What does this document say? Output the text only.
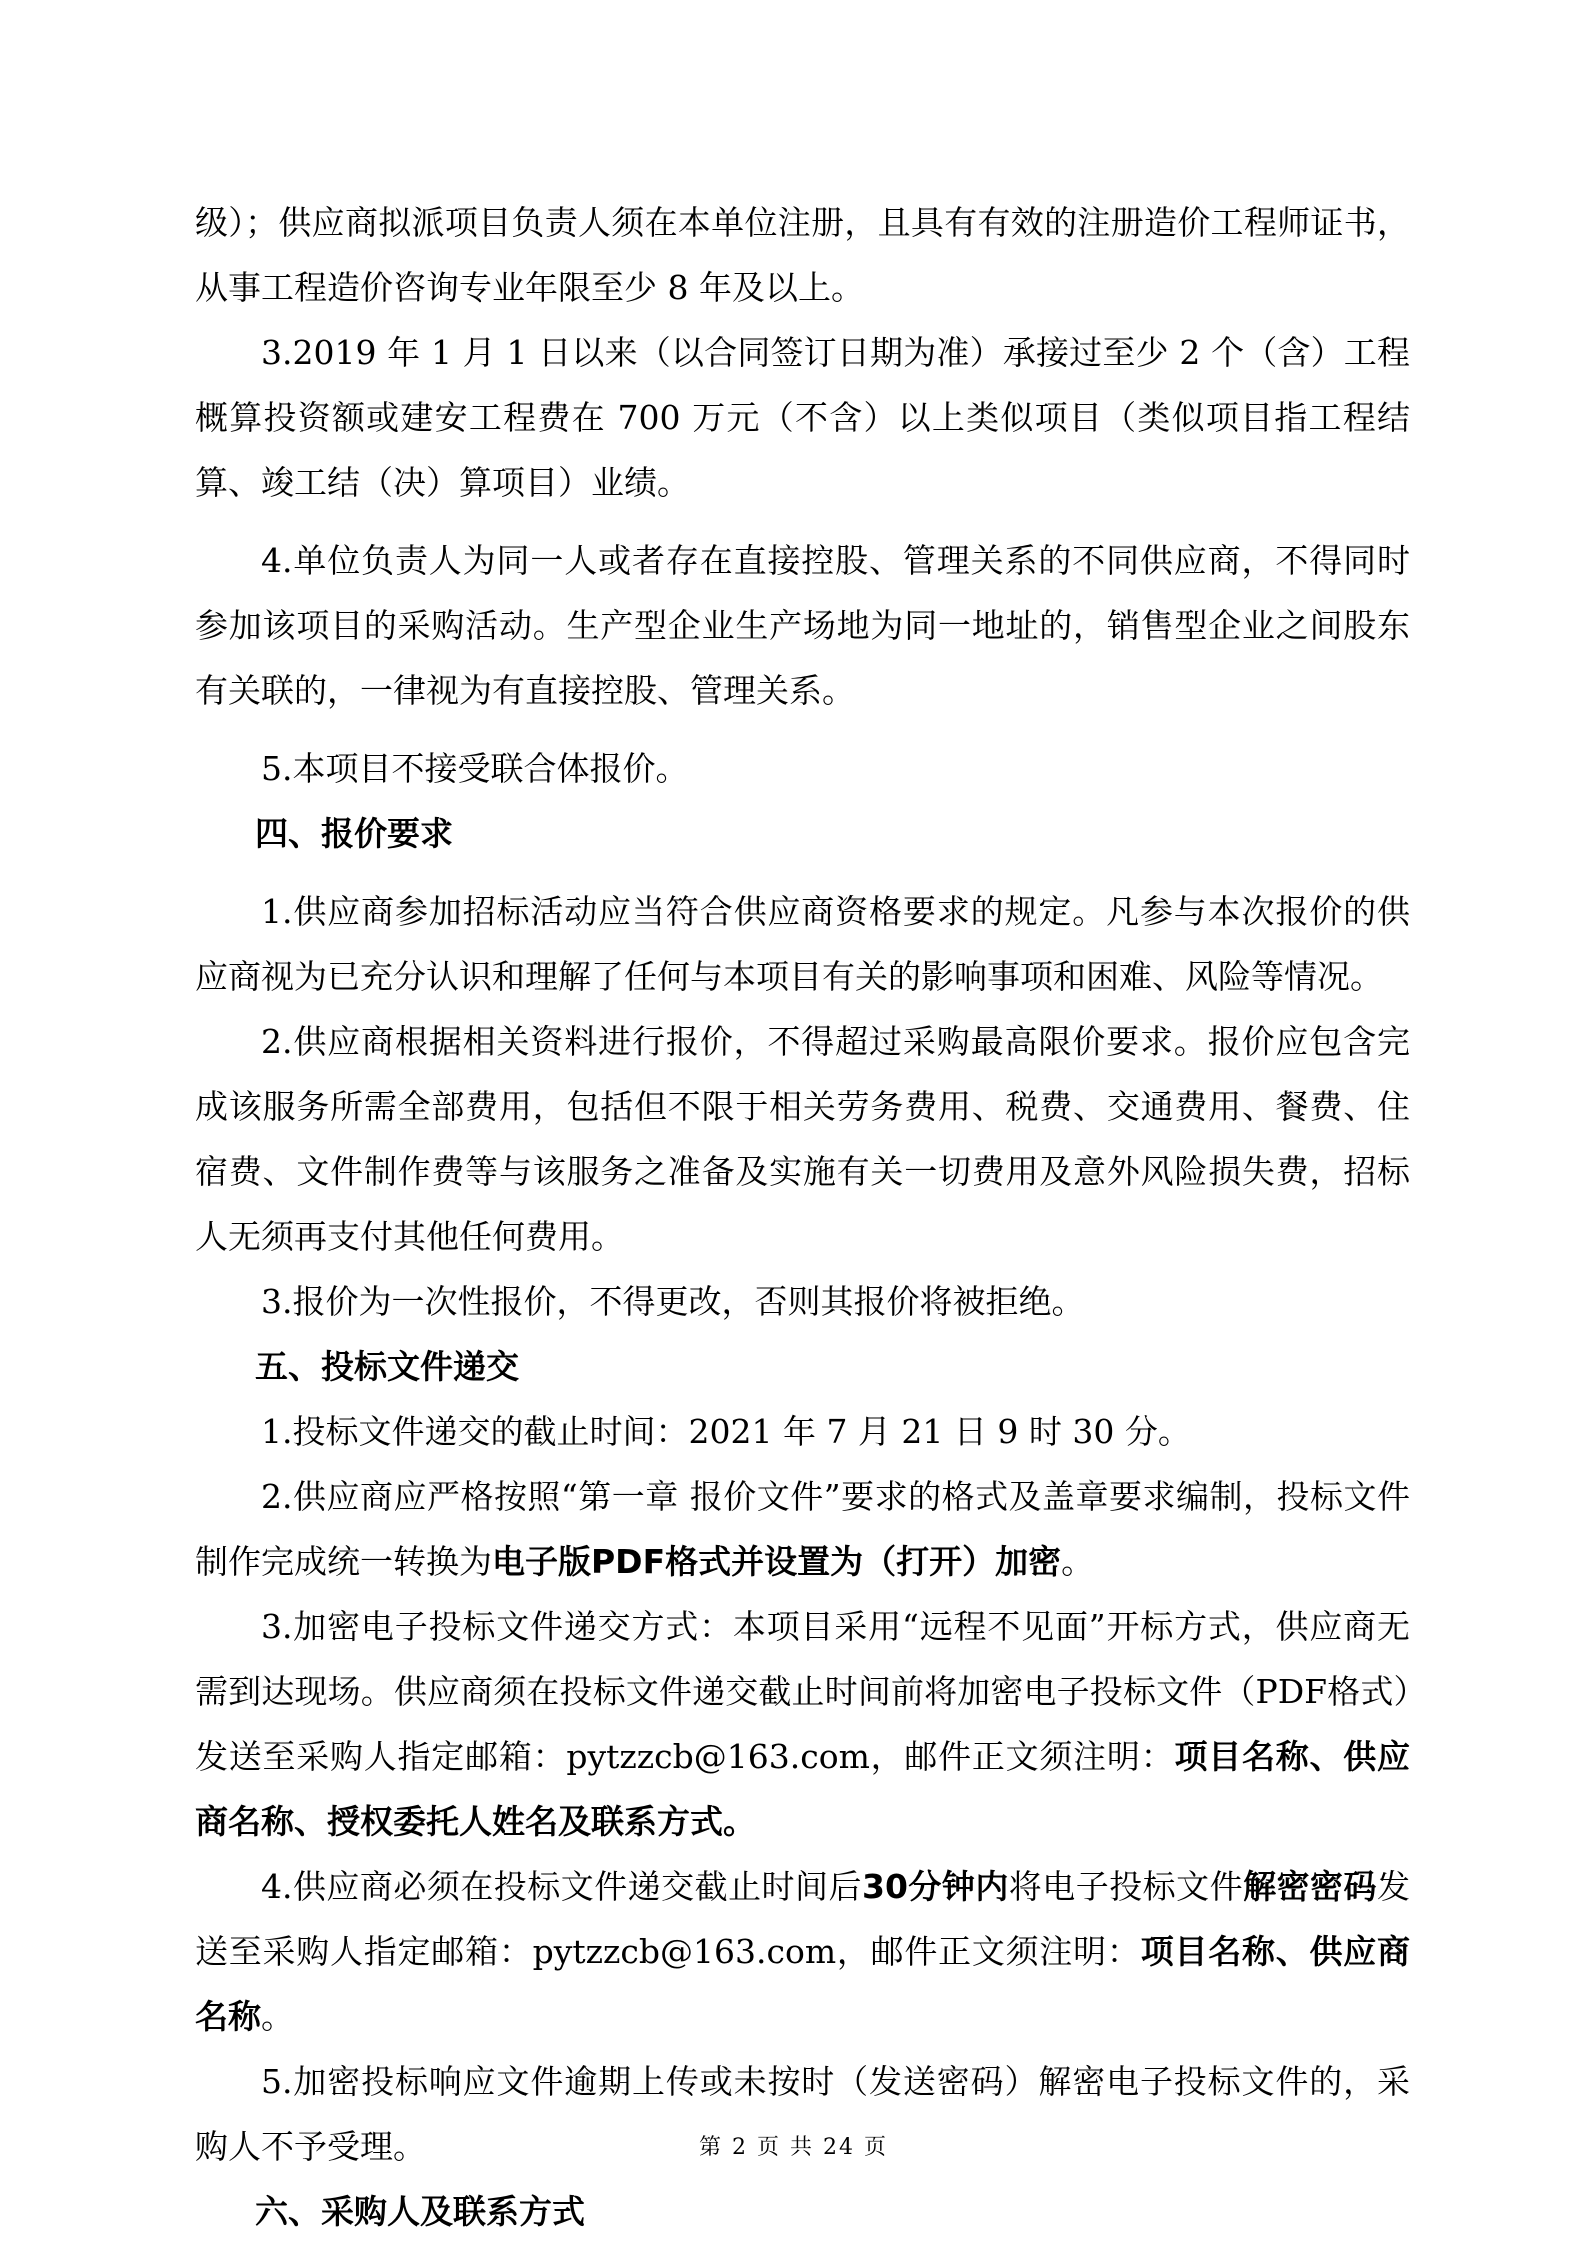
级）；供应商拟派项目负责人须在本单位注册，且具有有效的注册造价工程师证书，从事工程造价咨询专业年限至少 8 年及以上。

3.2019 年 1 月 1 日以来（以合同签订日期为准）承接过至少 2 个（含）工程概算投资额或建安工程费在 700 万元（不含）以上类似项目（类似项目指工程结算、竣工结（决）算项目）业绩。

4.单位负责人为同一人或者存在直接控股、管理关系的不同供应商，不得同时参加该项目的采购活动。生产型企业生产场地为同一地址的，销售型企业之间股东有关联的，一律视为有直接控股、管理关系。

5.本项目不接受联合体报价。

四、报价要求

1.供应商参加招标活动应当符合供应商资格要求的规定。凡参与本次报价的供应商视为已充分认识和理解了任何与本项目有关的影响事项和困难、风险等情况。

2.供应商根据相关资料进行报价，不得超过采购最高限价要求。报价应包含完成该服务所需全部费用，包括但不限于相关劳务费用、税费、交通费用、餐费、住宿费、文件制作费等与该服务之准备及实施有关一切费用及意外风险损失费，招标人无须再支付其他任何费用。

3.报价为一次性报价，不得更改，否则其报价将被拒绝。

五、投标文件递交

1.投标文件递交的截止时间：2021 年 7 月 21 日 9 时 30 分。

2.供应商应严格按照“第一章 报价文件”要求的格式及盖章要求编制，投标文件制作完成统一转换为电子版PDF格式并设置为（打开）加密。

3.加密电子投标文件递交方式：本项目采用“远程不见面”开标方式，供应商无需到达现场。供应商须在投标文件递交截止时间前将加密电子投标文件（PDF格式）发送至采购人指定邮箱：pytzzcb@163.com，邮件正文须注明：项目名称、供应商名称、授权委托人姓名及联系方式。

4.供应商必须在投标文件递交截止时间后30分钟内将电子投标文件解密密码发送至采购人指定邮箱：pytzzcb@163.com，邮件正文须注明：项目名称、供应商名称。

5.加密投标响应文件逾期上传或未按时（发送密码）解密电子投标文件的，采购人不予受理。

六、采购人及联系方式

第 2 页 共 24 页
